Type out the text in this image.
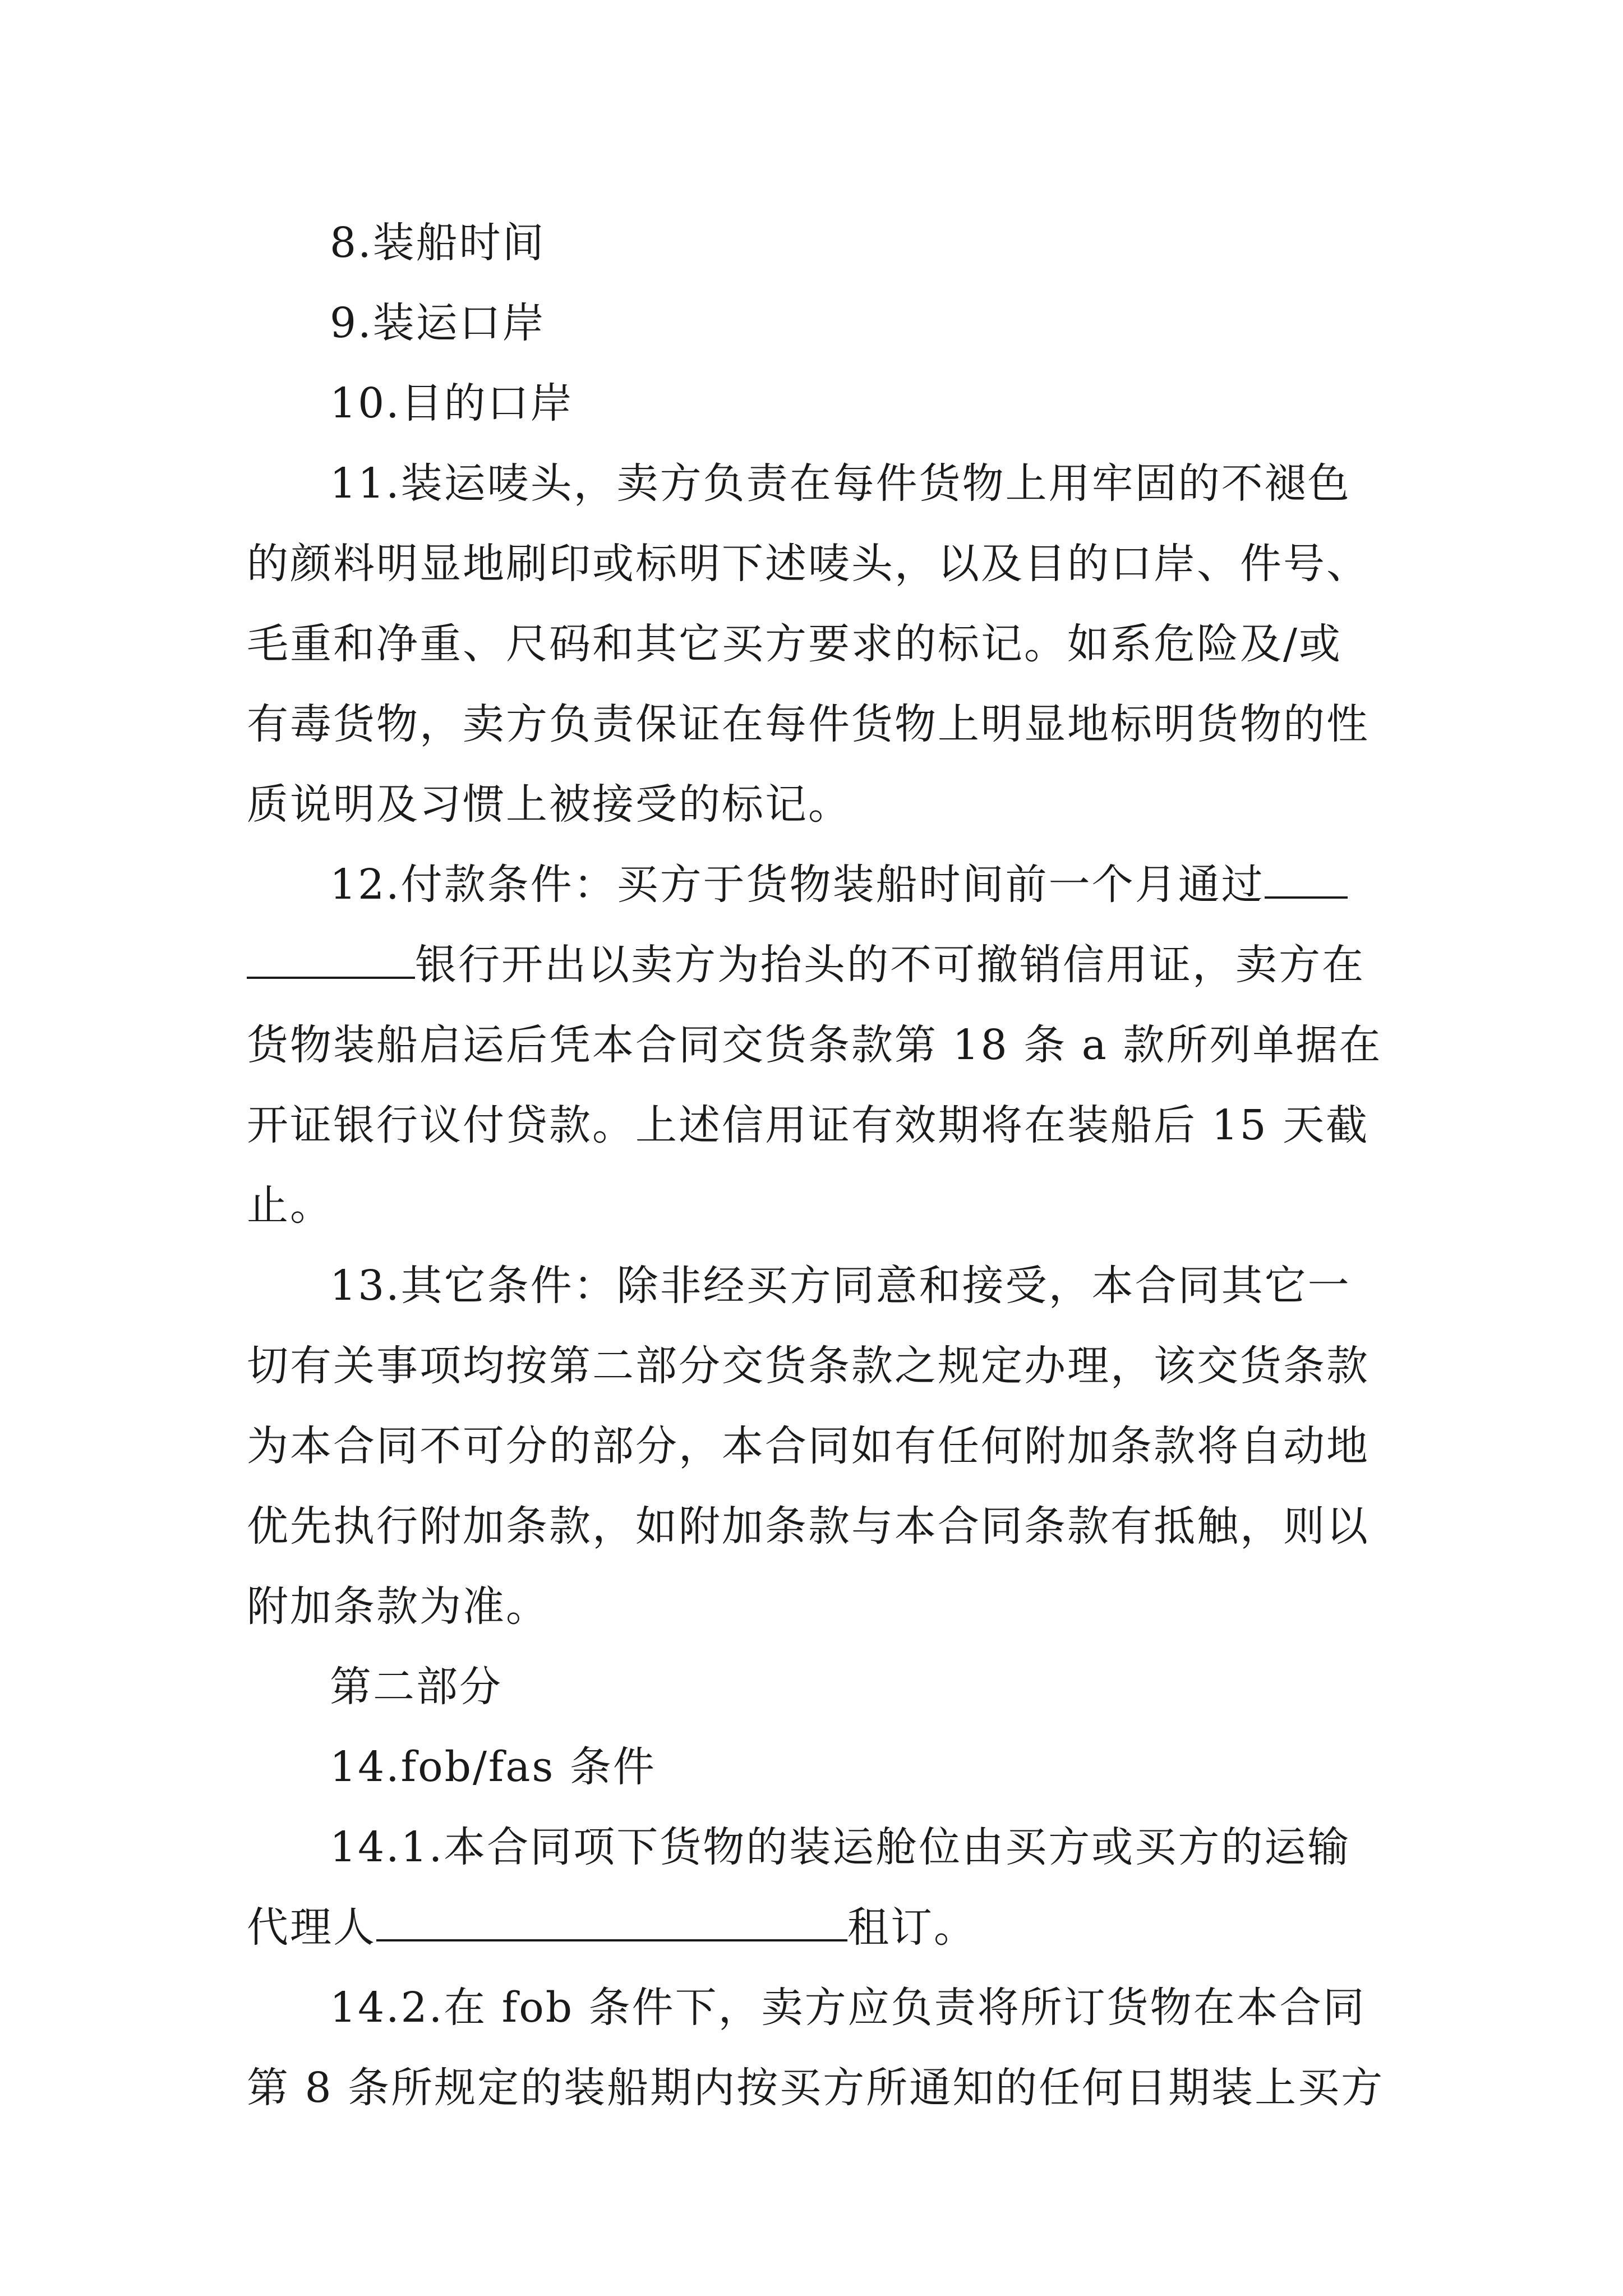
8.装船时间
9.装运口岸
10.目的口岸
11.装运唛头，卖方负责在每件货物上用牢固的不褪色
的颜料明显地刷印或标明下述唛头，以及目的口岸、件号、
毛重和净重、尺码和其它买方要求的标记。如系危险及/或
有毒货物，卖方负责保证在每件货物上明显地标明货物的性
质说明及习惯上被接受的标记。
12.付款条件：买方于货物装船时间前一个月通过
银行开出以卖方为抬头的不可撤销信用证，卖方在
货物装船启运后凭本合同交货条款第 18 条 a 款所列单据在
开证银行议付贷款。上述信用证有效期将在装船后 15 天截
止。
13.其它条件：除非经买方同意和接受，本合同其它一
切有关事项均按第二部分交货条款之规定办理，该交货条款
为本合同不可分的部分，本合同如有任何附加条款将自动地
优先执行附加条款，如附加条款与本合同条款有抵触，则以
附加条款为准。
第二部分
14.fob/fas 条件
14.1.本合同项下货物的装运舱位由买方或买方的运输
代理人	租订。
14.2.在 fob 条件下，卖方应负责将所订货物在本合同
第 8 条所规定的装船期内按买方所通知的任何日期装上买方
